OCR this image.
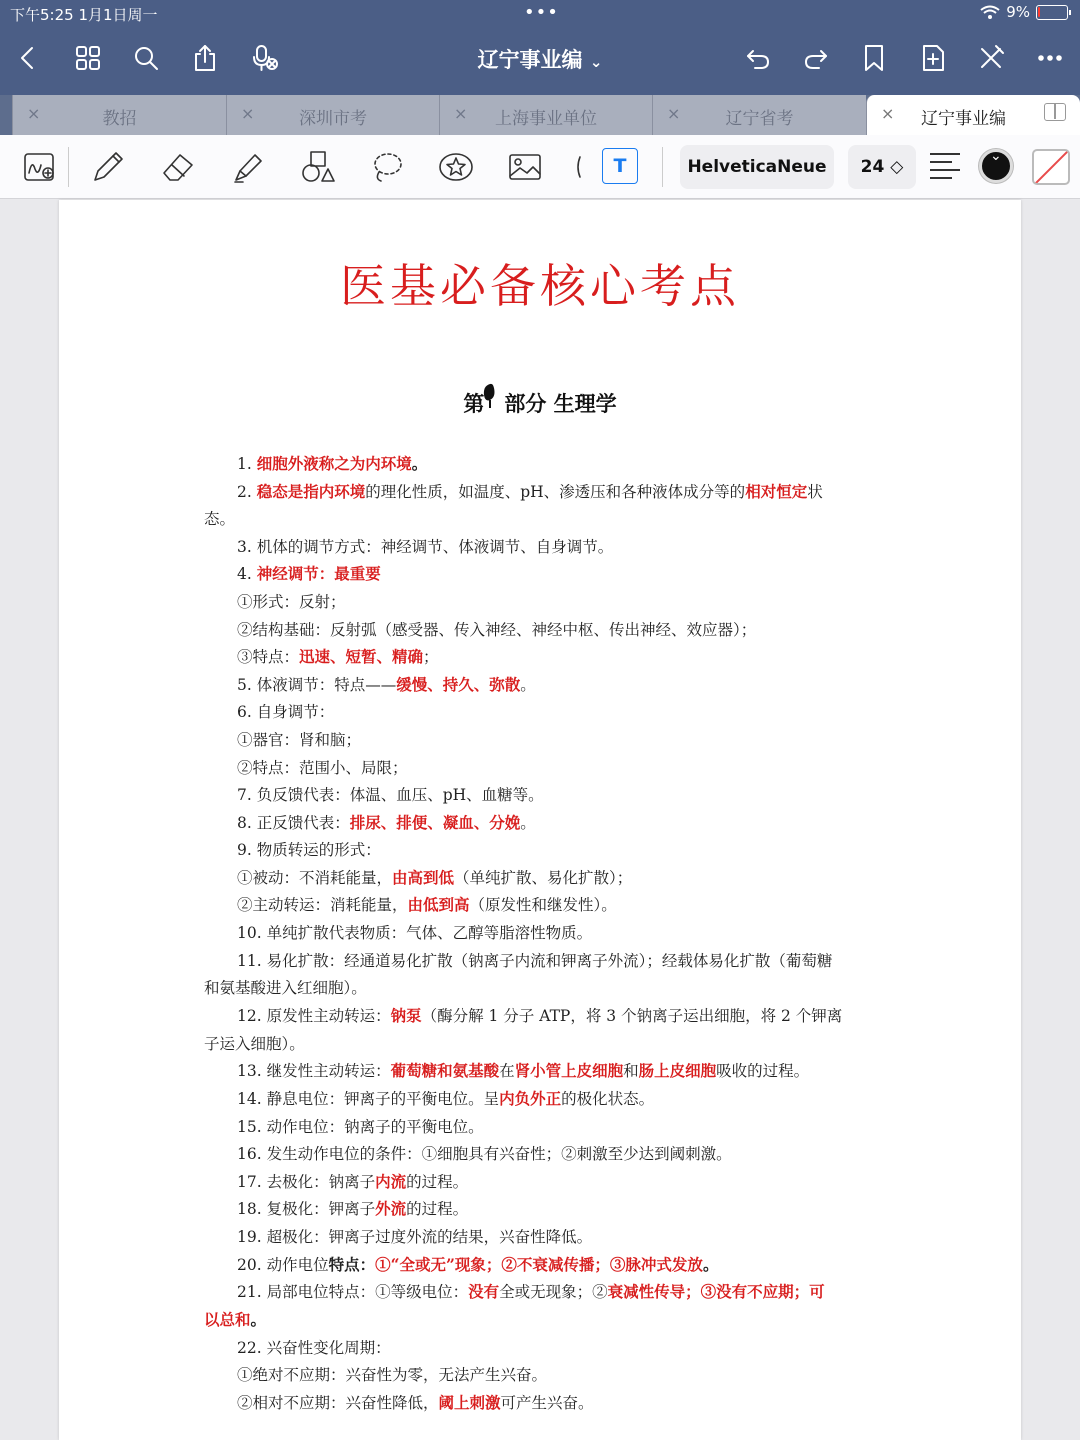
下午5:25 1月1日周一	•••	9%
辽宁事业编 ⌄
×	教招	×	深圳市考	×	上海事业单位	×	辽宁省考	×	辽宁事业编
T	HelveticaNeue	24 ◇
⌄
医基必备核心考点
第 部分 生理学
1. 细胞外液称之为内环境。
2. 稳态是指内环境的理化性质，如温度、pH、渗透压和各种液体成分等的相对恒定状
态。
3. 机体的调节方式：神经调节、体液调节、自身调节。
4. 神经调节：最重要
①形式：反射；
②结构基础：反射弧（感受器、传入神经、神经中枢、传出神经、效应器）；
③特点：迅速、短暂、精确；
5. 体液调节：特点——缓慢、持久、弥散。
6. 自身调节：
①器官：肾和脑；
②特点：范围小、局限；
7. 负反馈代表：体温、血压、pH、血糖等。
8. 正反馈代表：排尿、排便、凝血、分娩。
9. 物质转运的形式：
①被动：不消耗能量，由高到低（单纯扩散、易化扩散）；
②主动转运：消耗能量，由低到高（原发性和继发性）。
10. 单纯扩散代表物质：气体、乙醇等脂溶性物质。
11. 易化扩散：经通道易化扩散（钠离子内流和钾离子外流）；经载体易化扩散（葡萄糖
和氨基酸进入红细胞）。
12. 原发性主动转运：钠泵（酶分解 1 分子 ATP，将 3 个钠离子运出细胞，将 2 个钾离
子运入细胞）。
13. 继发性主动转运：葡萄糖和氨基酸在肾小管上皮细胞和肠上皮细胞吸收的过程。
14. 静息电位：钾离子的平衡电位。呈内负外正的极化状态。
15. 动作电位：钠离子的平衡电位。
16. 发生动作电位的条件：①细胞具有兴奋性；②刺激至少达到阈刺激。
17. 去极化：钠离子内流的过程。
18. 复极化：钾离子外流的过程。
19. 超极化：钾离子过度外流的结果，兴奋性降低。
20. 动作电位特点：①“全或无”现象；②不衰减传播；③脉冲式发放。
21. 局部电位特点：①等级电位：没有全或无现象；②衰减性传导；③没有不应期；可
以总和。
22. 兴奋性变化周期：
①绝对不应期：兴奋性为零，无法产生兴奋。
②相对不应期：兴奋性降低，阈上刺激可产生兴奋。
